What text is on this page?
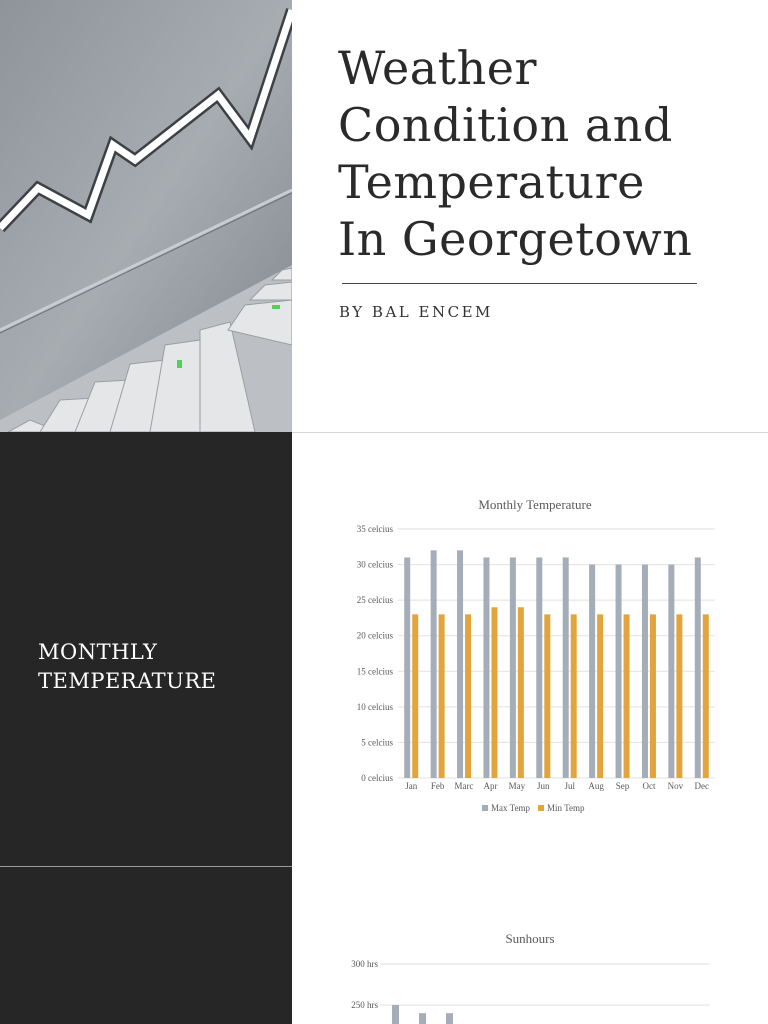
Weather
Condition and
Temperature
In Georgetown
BY BAL ENCEM
MONTHLY
TEMPERATURE
Monthly Temperature
0 celcius
5 celcius
10 celcius
15 celcius
20 celcius
25 celcius
30 celcius
35 celcius
Jan Feb Marc Apr May Jun Jul Aug Sep Oct Nov Dec
Max Temp Min Temp
Sunhours
250 hrs
300 hrs
